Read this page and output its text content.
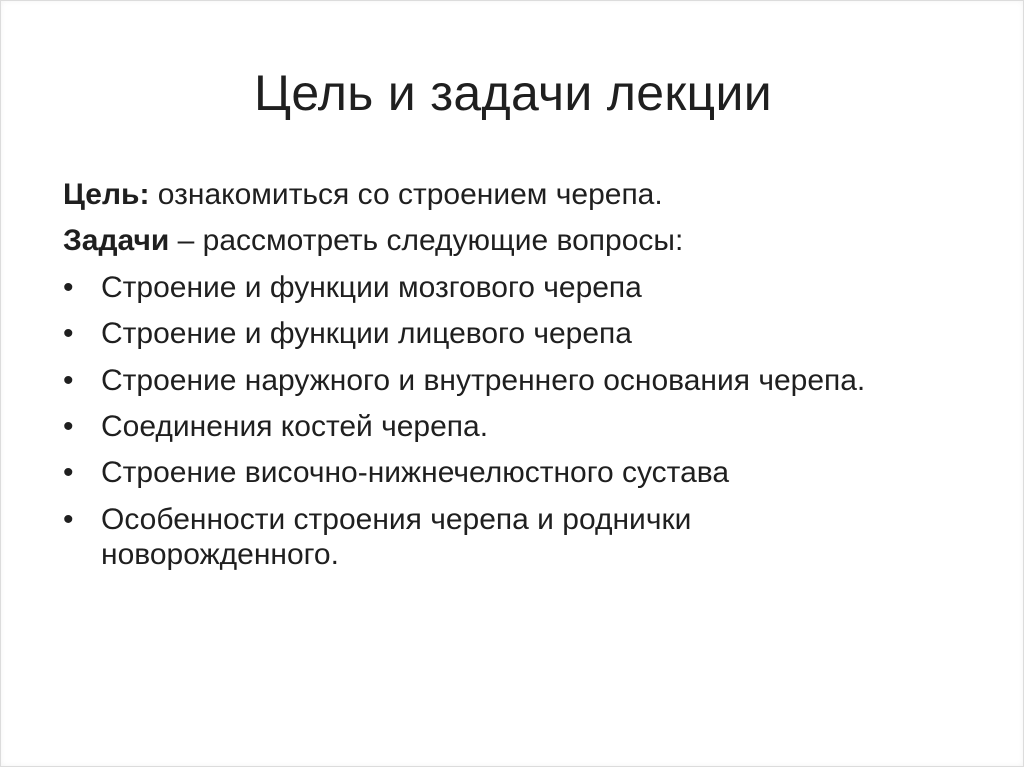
Цель и задачи лекции

Цель: ознакомиться со строением черепа.

Задачи – рассмотреть следующие вопросы:

• Строение и функции мозгового черепа
• Строение и функции лицевого черепа
• Строение наружного и внутреннего основания черепа.
• Соединения костей черепа.
• Строение височно-нижнечелюстного сустава
• Особенности строения черепа и роднички новорожденного.
